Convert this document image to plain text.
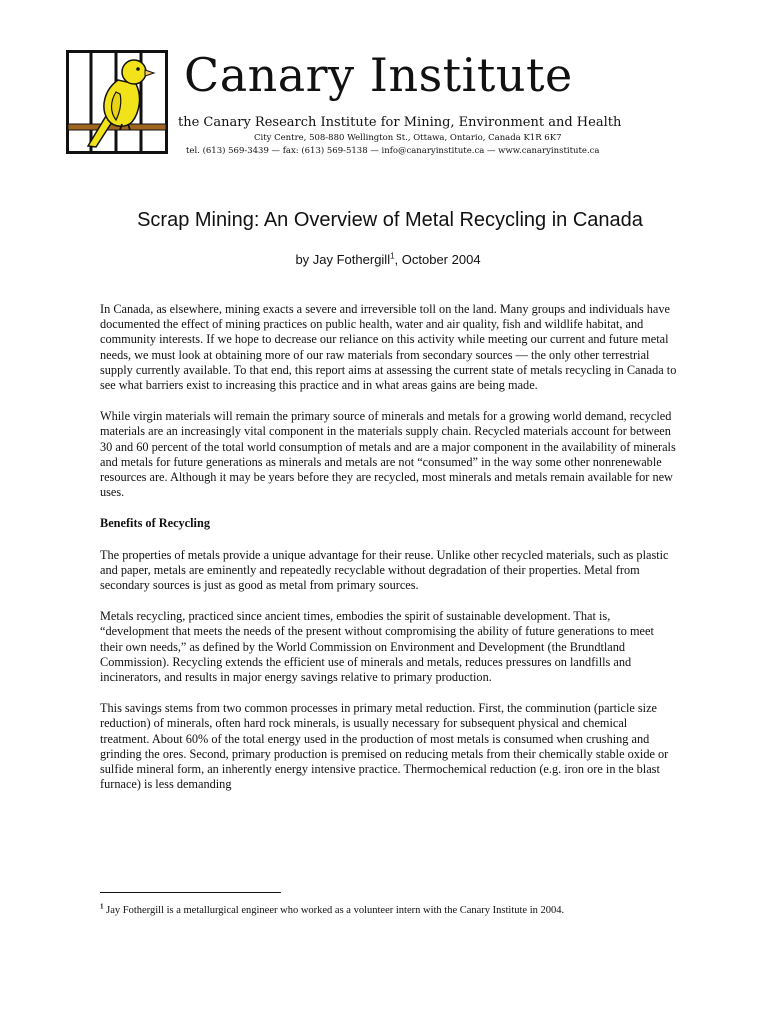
Canary Institute
the Canary Research Institute for Mining, Environment and Health
City Centre, 508-880 Wellington St., Ottawa, Ontario, Canada K1R 6K7
tel. (613) 569-3439 — fax: (613) 569-5138 — info@canaryinstitute.ca — www.canaryinstitute.ca
Scrap Mining: An Overview of Metal Recycling in Canada
by Jay Fothergill$^1$, October 2004

In Canada, as elsewhere, mining exacts a severe and irreversible toll on the land. Many groups and individuals have documented the effect of mining practices on public health, water and air quality, fish and wildlife habitat, and community interests. If we hope to decrease our reliance on this activity while meeting our current and future metal needs, we must look at obtaining more of our raw materials from secondary sources — the only other terrestrial supply currently available. To that end, this report aims at assessing the current state of metals recycling in Canada to see what barriers exist to increasing this practice and in what areas gains are being made.

While virgin materials will remain the primary source of minerals and metals for a growing world demand, recycled materials are an increasingly vital component in the materials supply chain. Recycled materials account for between 30 and 60 percent of the total world consumption of metals and are a major component in the availability of minerals and metals for future generations as minerals and metals are not “consumed” in the way some other nonrenewable resources are. Although it may be years before they are recycled, most minerals and metals remain available for new uses.

Benefits of Recycling

The properties of metals provide a unique advantage for their reuse. Unlike other recycled materials, such as plastic and paper, metals are eminently and repeatedly recyclable without degradation of their properties. Metal from secondary sources is just as good as metal from primary sources.

Metals recycling, practiced since ancient times, embodies the spirit of sustainable development. That is, “development that meets the needs of the present without compromising the ability of future generations to meet their own needs,” as defined by the World Commission on Environment and Development (the Brundtland Commission). Recycling extends the efficient use of minerals and metals, reduces pressures on landfills and incinerators, and results in major energy savings relative to primary production.

This savings stems from two common processes in primary metal reduction. First, the comminution (particle size reduction) of minerals, often hard rock minerals, is usually necessary for subsequent physical and chemical treatment. About 60% of the total energy used in the production of most metals is consumed when crushing and grinding the ores. Second, primary production is premised on reducing metals from their chemically stable oxide or sulfide mineral form, an inherently energy intensive practice. Thermochemical reduction (e.g. iron ore in the blast furnace) is less demanding

$^1$ Jay Fothergill is a metallurgical engineer who worked as a volunteer intern with the Canary Institute in 2004.
